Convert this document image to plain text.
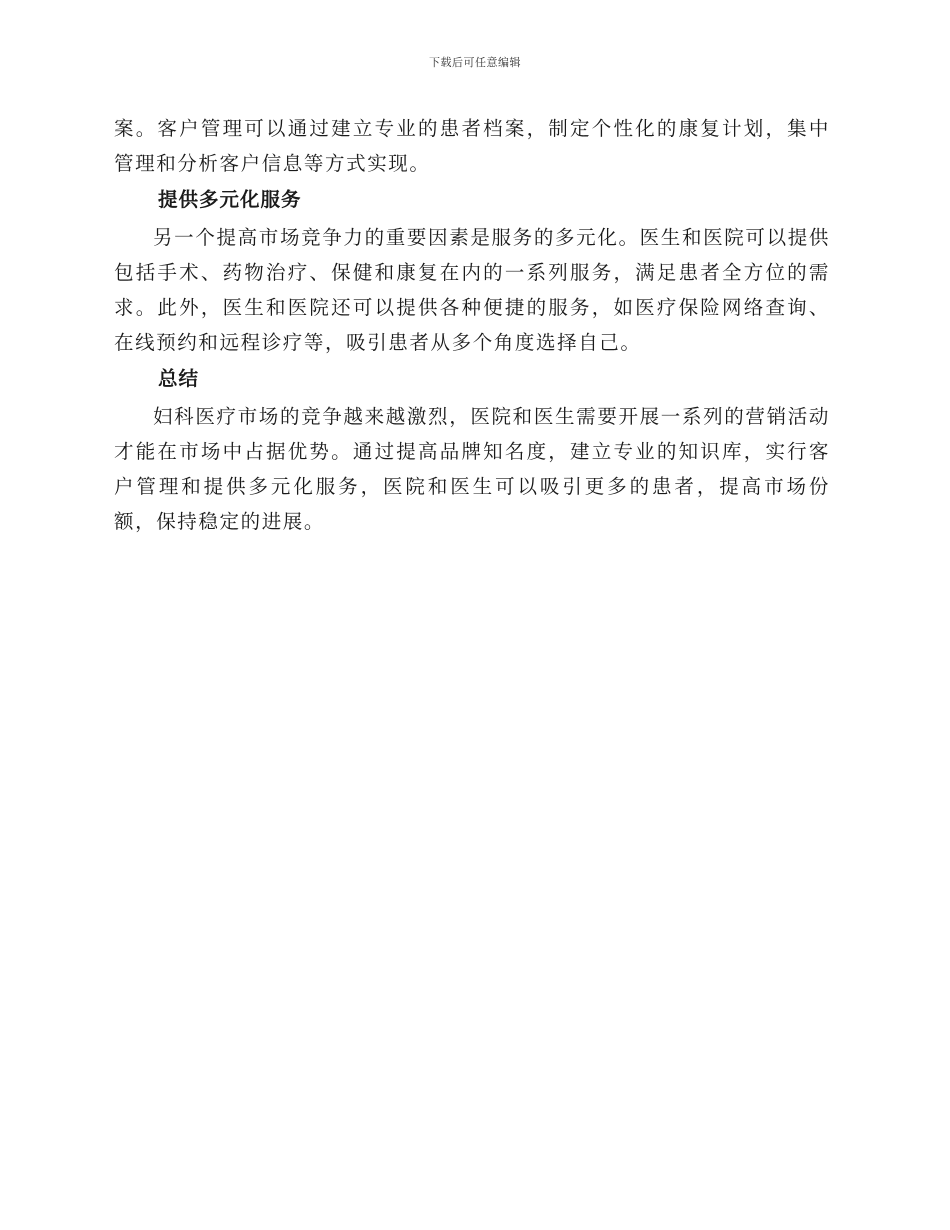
下载后可任意编辑

案。客户管理可以通过建立专业的患者档案，制定个性化的康复计划，集中管理和分析客户信息等方式实现。

提供多元化服务

另一个提高市场竞争力的重要因素是服务的多元化。医生和医院可以提供包括手术、药物治疗、保健和康复在内的一系列服务，满足患者全方位的需求。此外，医生和医院还可以提供各种便捷的服务，如医疗保险网络查询、在线预约和远程诊疗等，吸引患者从多个角度选择自己。

总结

妇科医疗市场的竞争越来越激烈，医院和医生需要开展一系列的营销活动才能在市场中占据优势。通过提高品牌知名度，建立专业的知识库，实行客户管理和提供多元化服务，医院和医生可以吸引更多的患者，提高市场份额，保持稳定的进展。
